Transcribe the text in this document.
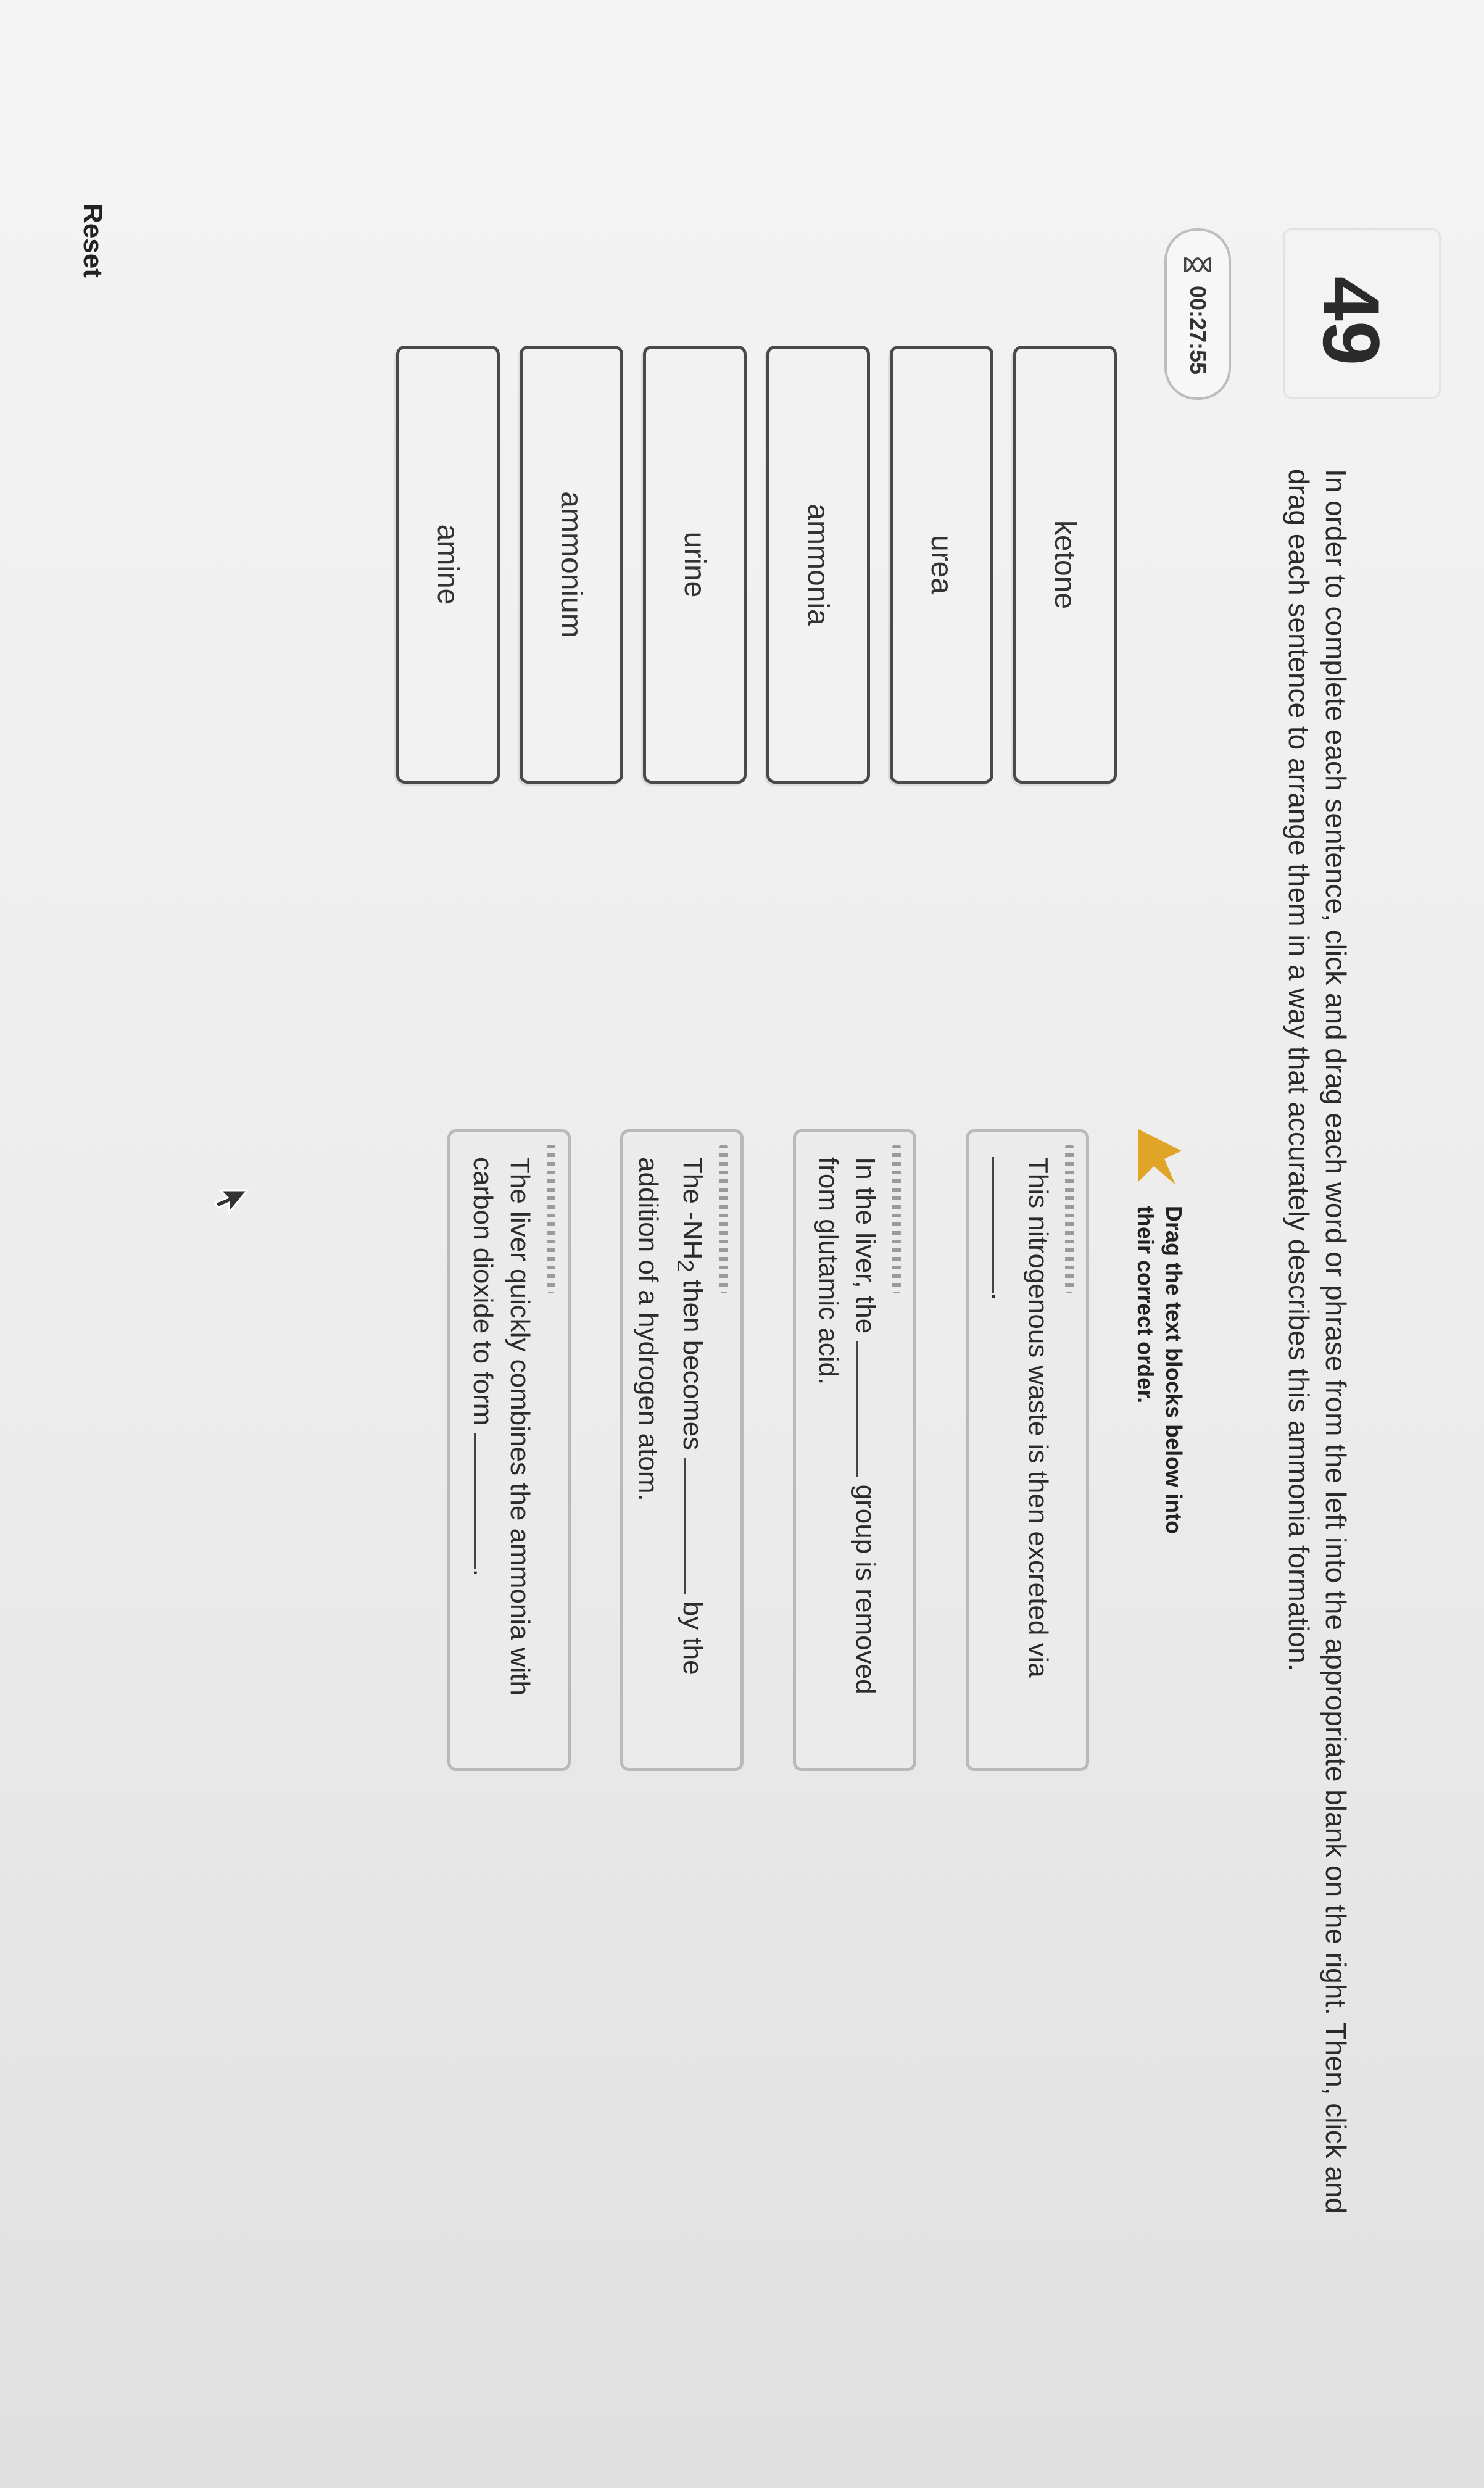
49
00:27:55
In order to complete each sentence, click and drag each word or phrase from the left into the appropriate blank on the right. Then, click and drag each sentence to arrange them in a way that accurately describes this ammonia formation.
ketone
urea
ammonia
urine
ammonium
amine
Drag the text blocks below into their correct order.
This nitrogenous waste is then excreted via .
In the liver, the  group is removed from glutamic acid.
The $-NH_2$ then becomes  by the addition of a hydrogen atom.
The liver quickly combines the ammonia with carbon dioxide to form .
Reset
